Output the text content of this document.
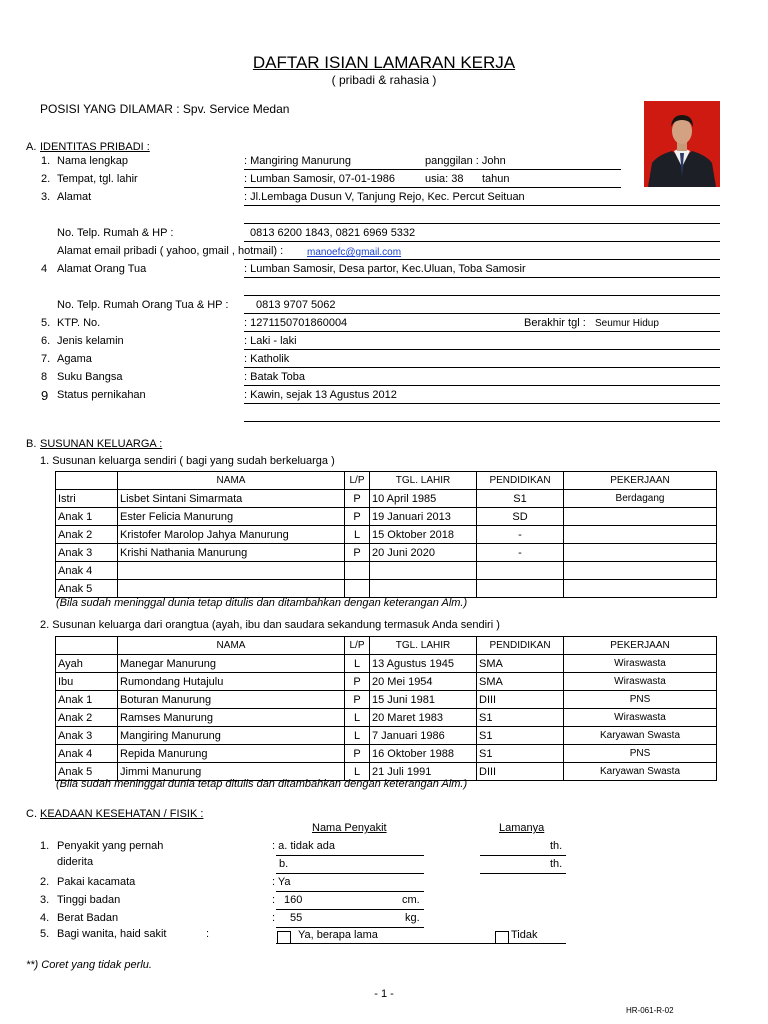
DAFTAR ISIAN LAMARAN KERJA
( pribadi & rahasia )
POSISI YANG DILAMAR : Spv. Service Medan
A. IDENTITAS PRIBADI :
1. Nama lengkap	: Mangiring Manurung	panggilan : John
2. Tempat, tgl. lahir	: Lumban Samosir, 07-01-1986	usia: 38 tahun
3. Alamat	: Jl.Lembaga Dusun V, Tanjung Rejo, Kec. Percut Seituan
No. Telp. Rumah & HP :	0813 6200 1843, 0821 6969 5332
Alamat email pribadi ( yahoo, gmail , hotmail) : manoefc@gmail.com
4 Alamat Orang Tua	: Lumban Samosir, Desa partor, Kec.Uluan, Toba Samosir
No. Telp. Rumah Orang Tua & HP :	0813 9707 5062
5. KTP. No.	: 1271150701860004	Berakhir tgl : Seumur Hidup
6. Jenis kelamin	: Laki - laki
7. Agama	: Katholik
8 Suku Bangsa	: Batak Toba
9 Status pernikahan	: Kawin, sejak 13 Agustus 2012
B. SUSUNAN KELUARGA :
1. Susunan keluarga sendiri ( bagi yang sudah berkeluarga )
	NAMA	L/P	TGL. LAHIR	PENDIDIKAN	PEKERJAAN
Istri	Lisbet Sintani Simarmata	P	10 April 1985	S1	Berdagang
Anak 1	Ester Felicia Manurung	P	19 Januari 2013	SD	
Anak 2	Kristofer Marolop Jahya Manurung	L	15 Oktober 2018	-	
Anak 3	Krishi Nathania Manurung	P	20 Juni 2020	-	
Anak 4					
Anak 5					
(Bila sudah meninggal dunia tetap ditulis dan ditambahkan dengan keterangan Alm.)
2. Susunan keluarga dari orangtua (ayah, ibu dan saudara sekandung termasuk Anda sendiri )
	NAMA	L/P	TGL. LAHIR	PENDIDIKAN	PEKERJAAN
Ayah	Manegar Manurung	L	13 Agustus 1945	SMA	Wiraswasta
Ibu	Rumondang Hutajulu	P	20 Mei 1954	SMA	Wiraswasta
Anak 1	Boturan Manurung	P	15 Juni 1981	DIII	PNS
Anak 2	Ramses Manurung	L	20 Maret 1983	S1	Wiraswasta
Anak 3	Mangiring Manurung	L	7 Januari 1986	S1	Karyawan Swasta
Anak 4	Repida Manurung	P	16 Oktober 1988	S1	PNS
Anak 5	Jimmi Manurung	L	21 Juli 1991	DIII	Karyawan Swasta
(Bila sudah meninggal dunia tetap ditulis dan ditambahkan dengan keterangan Alm.)
C. KEADAAN KESEHATAN / FISIK :
Nama Penyakit	Lamanya
1. Penyakit yang pernah
diderita
: a. tidak ada	th.
b.	th.
2. Pakai kacamata	: Ya
3. Tinggi badan	: 160	cm.
4. Berat Badan	: 55	kg.
5. Bagi wanita, haid sakit	:	Ya, berapa lama	Tidak
**) Coret yang tidak perlu.
- 1 -
HR-061-R-02
